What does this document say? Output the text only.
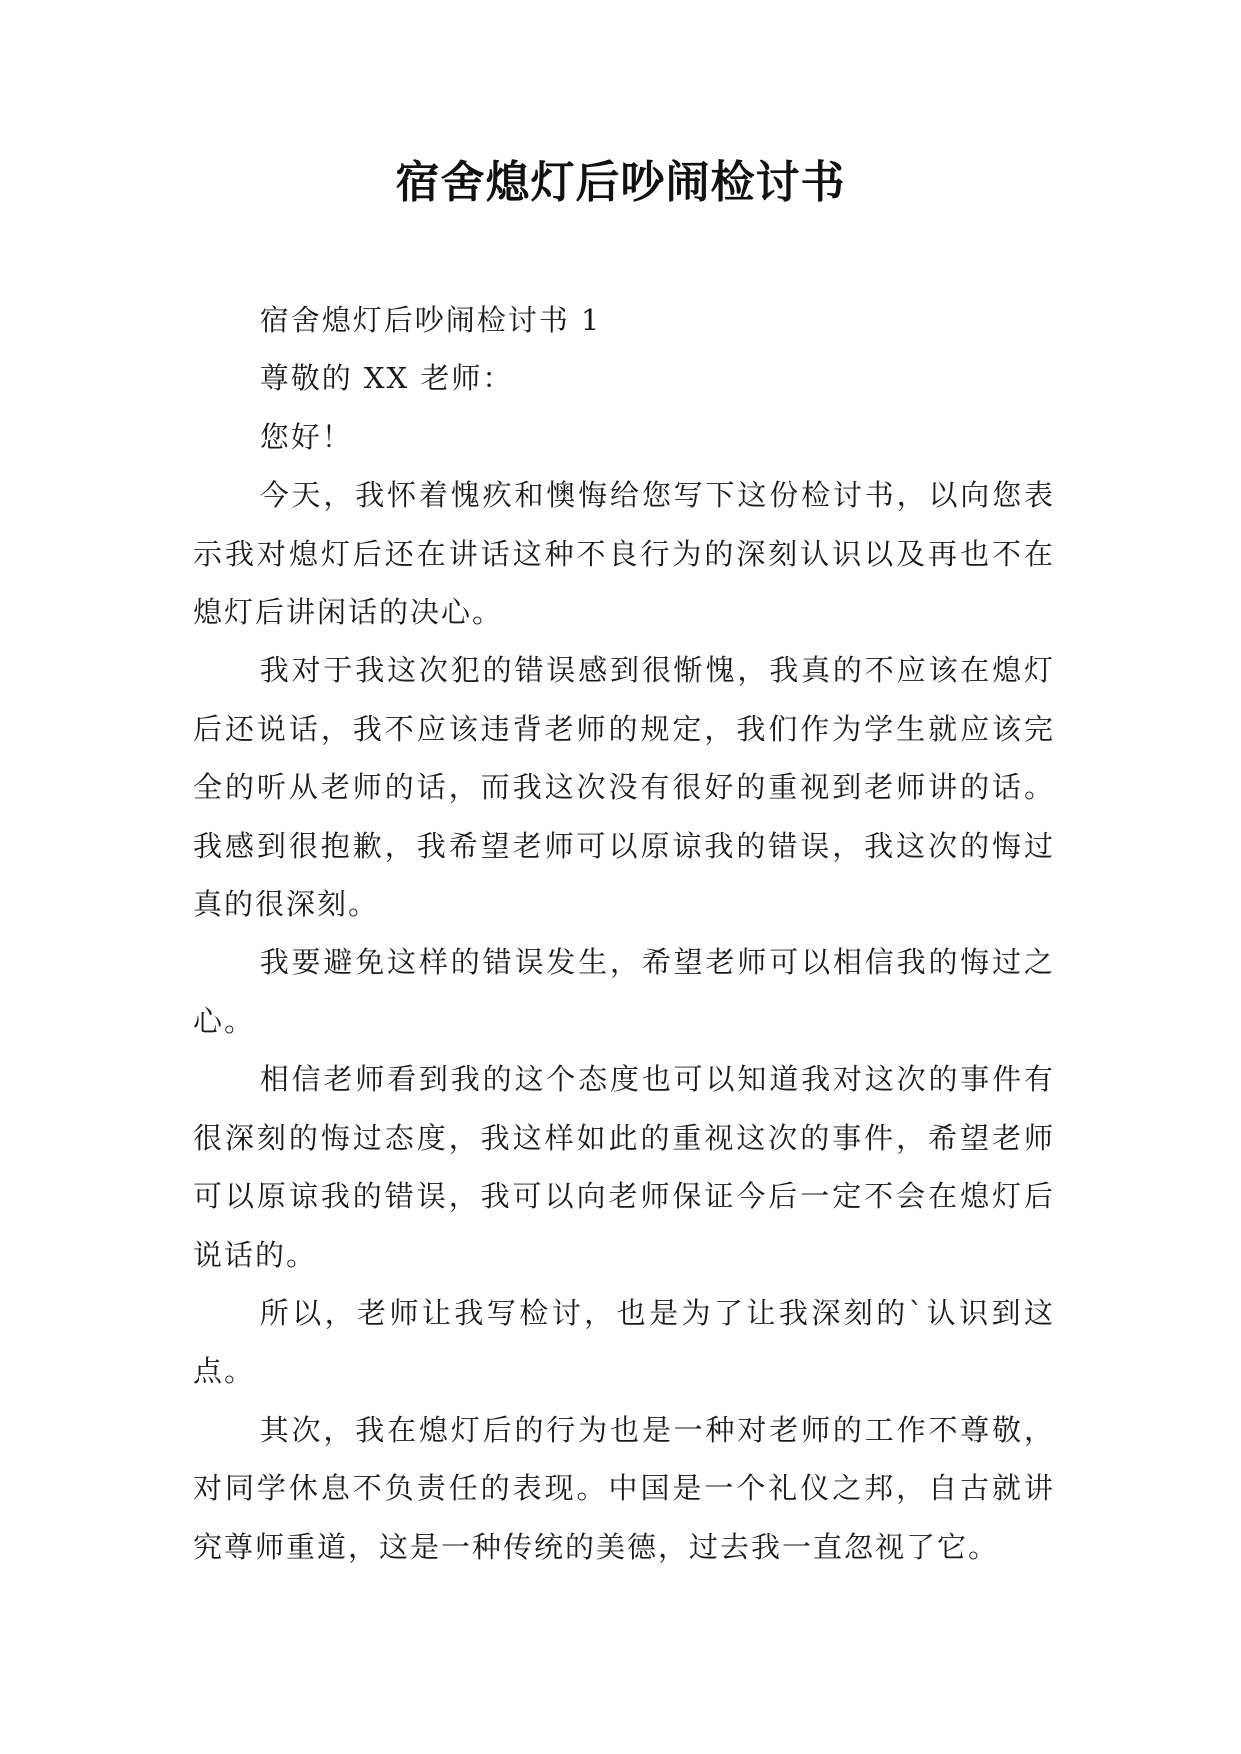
宿舍熄灯后吵闹检讨书

宿舍熄灯后吵闹检讨书 1

尊敬的 XX 老师：

您好！

今天，我怀着愧疚和懊悔给您写下这份检讨书，以向您表示我对熄灯后还在讲话这种不良行为的深刻认识以及再也不在熄灯后讲闲话的决心。

我对于我这次犯的错误感到很惭愧，我真的不应该在熄灯后还说话，我不应该违背老师的规定，我们作为学生就应该完全的听从老师的话，而我这次没有很好的重视到老师讲的话。我感到很抱歉，我希望老师可以原谅我的错误，我这次的悔过真的很深刻。

我要避免这样的错误发生，希望老师可以相信我的悔过之心。

相信老师看到我的这个态度也可以知道我对这次的事件有很深刻的悔过态度，我这样如此的重视这次的事件，希望老师可以原谅我的错误，我可以向老师保证今后一定不会在熄灯后说话的。

所以，老师让我写检讨，也是为了让我深刻的`认识到这点。

其次，我在熄灯后的行为也是一种对老师的工作不尊敬，对同学休息不负责任的表现。中国是一个礼仪之邦，自古就讲究尊师重道，这是一种传统的美德，过去我一直忽视了它。
